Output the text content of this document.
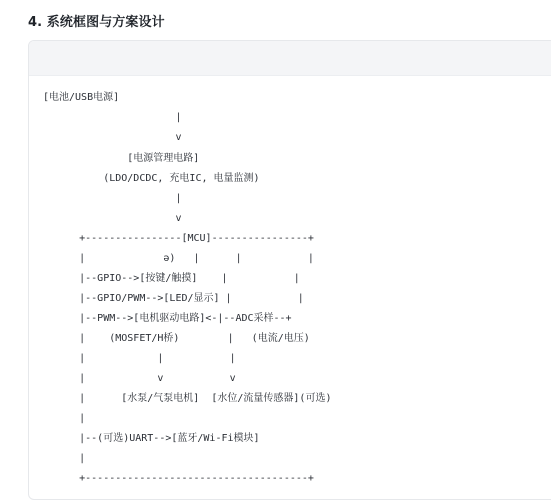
4. 系统框图与方案设计
[电池/USB电源]
|
v
[电源管理电路]
(LDO/DCDC, 充电IC, 电量监测)
|
v
+----------------[MCU]----------------+
|             ə)   |      |           |
|--GPIO-->[按键/触摸]    |           |
|--GPIO/PWM-->[LED/显示] |           |
|--PWM-->[电机驱动电路]<-|--ADC采样--+
|    (MOSFET/H桥)        |   (电流/电压)
|            |           |
|            v           v
|      [水泵/气泵电机]  [水位/流量传感器](可选)
|
|--(可选)UART-->[蓝牙/Wi-Fi模块]
|
+-------------------------------------+
